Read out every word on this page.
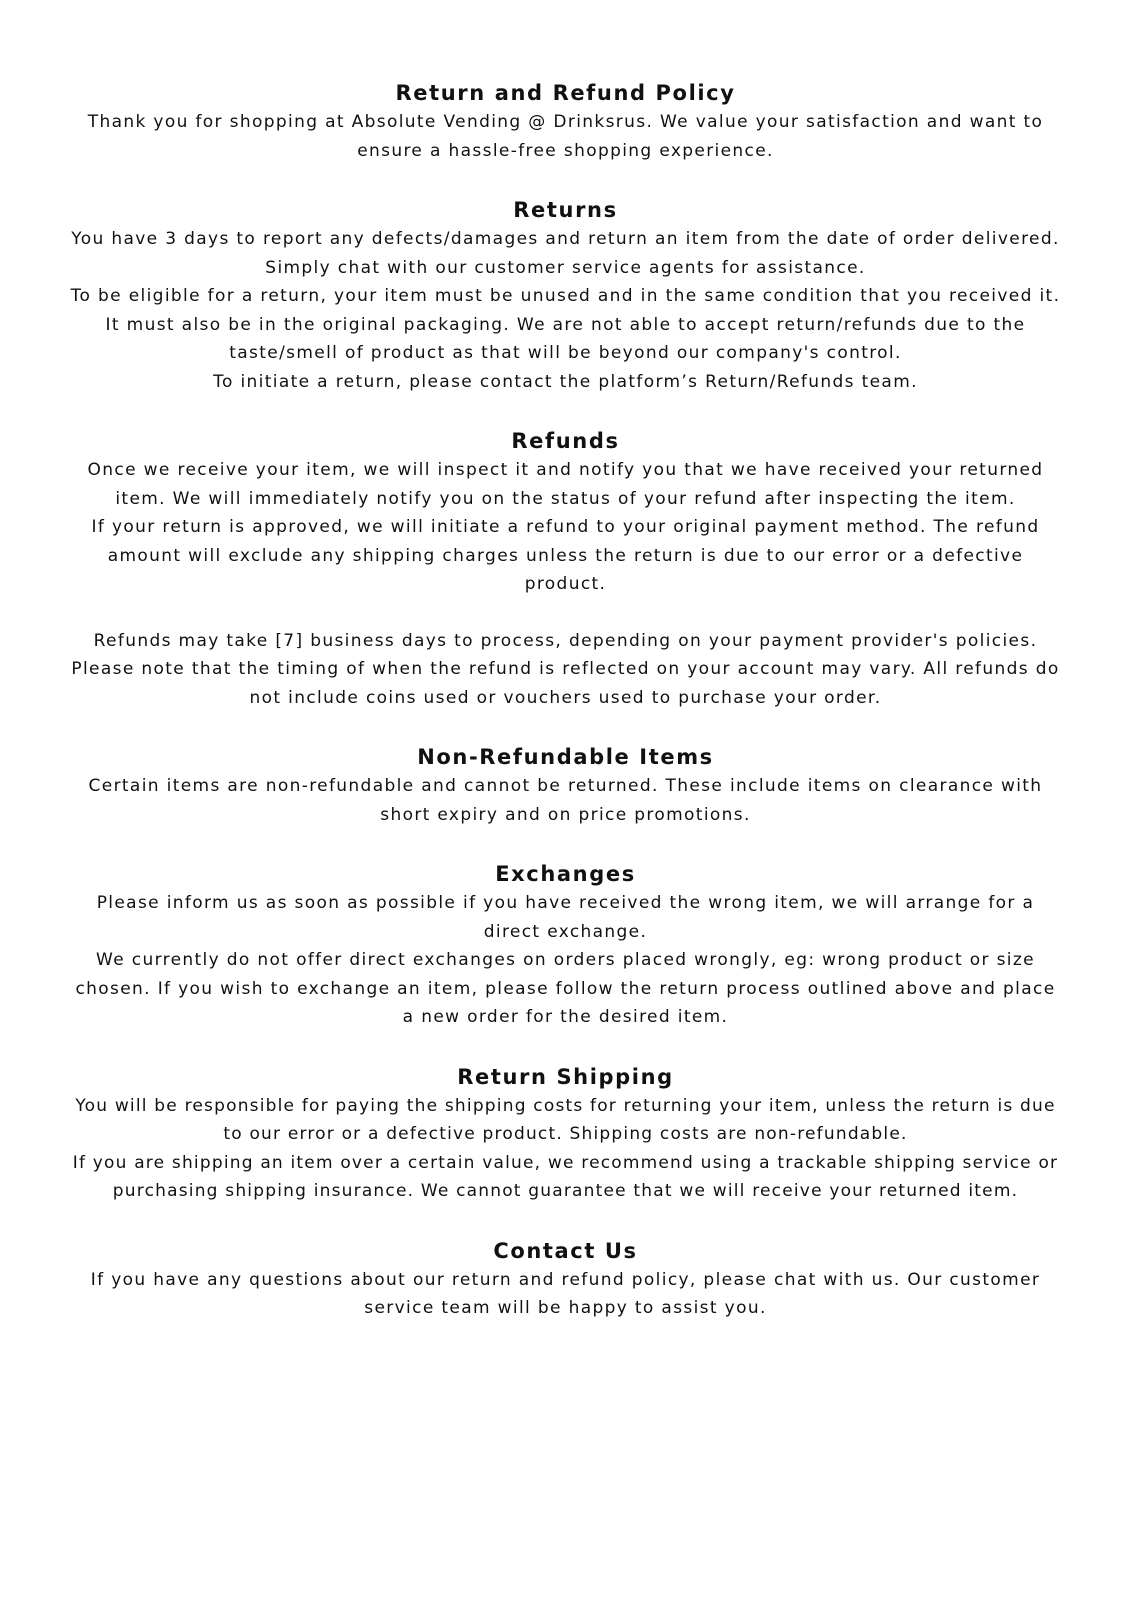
Return and Refund Policy

Thank you for shopping at Absolute Vending @ Drinksrus. We value your satisfaction and want to ensure a hassle-free shopping experience.

Returns

You have 3 days to report any defects/damages and return an item from the date of order delivered. Simply chat with our customer service agents for assistance.

To be eligible for a return, your item must be unused and in the same condition that you received it. It must also be in the original packaging. We are not able to accept return/refunds due to the taste/smell of product as that will be beyond our company's control.

To initiate a return, please contact the platform’s Return/Refunds team.

Refunds

Once we receive your item, we will inspect it and notify you that we have received your returned item. We will immediately notify you on the status of your refund after inspecting the item.

If your return is approved, we will initiate a refund to your original payment method. The refund amount will exclude any shipping charges unless the return is due to our error or a defective product.

Refunds may take [7] business days to process, depending on your payment provider's policies. Please note that the timing of when the refund is reflected on your account may vary. All refunds do not include coins used or vouchers used to purchase your order.

Non-Refundable Items

Certain items are non-refundable and cannot be returned. These include items on clearance with short expiry and on price promotions.

Exchanges

Please inform us as soon as possible if you have received the wrong item, we will arrange for a direct exchange.

We currently do not offer direct exchanges on orders placed wrongly, eg: wrong product or size chosen. If you wish to exchange an item, please follow the return process outlined above and place a new order for the desired item.

Return Shipping

You will be responsible for paying the shipping costs for returning your item, unless the return is due to our error or a defective product. Shipping costs are non-refundable.

If you are shipping an item over a certain value, we recommend using a trackable shipping service or purchasing shipping insurance. We cannot guarantee that we will receive your returned item.

Contact Us

If you have any questions about our return and refund policy, please chat with us. Our customer service team will be happy to assist you.
